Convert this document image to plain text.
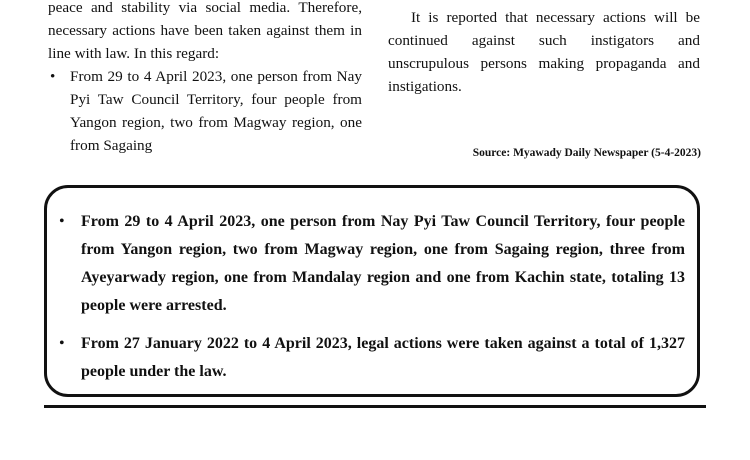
peace and stability via social media. Therefore, necessary actions have been taken against them in line with law. In this regard:

• From 29 to 4 April 2023, one person from Nay Pyi Taw Council Territory, four people from Yangon region, two from Magway region, one from Sagaing

It is reported that necessary actions will be continued against such instigators and unscrupulous persons making propaganda and instigations.

Source: Myawady Daily Newspaper (5-4-2023)
• From 29 to 4 April 2023, one person from Nay Pyi Taw Council Territory, four people from Yangon region, two from Magway region, one from Sagaing region, three from Ayeyarwady region, one from Mandalay region and one from Kachin state, totaling 13 people were arrested.
• From 27 January 2022 to 4 April 2023, legal actions were taken against a total of 1,327 people under the law.
